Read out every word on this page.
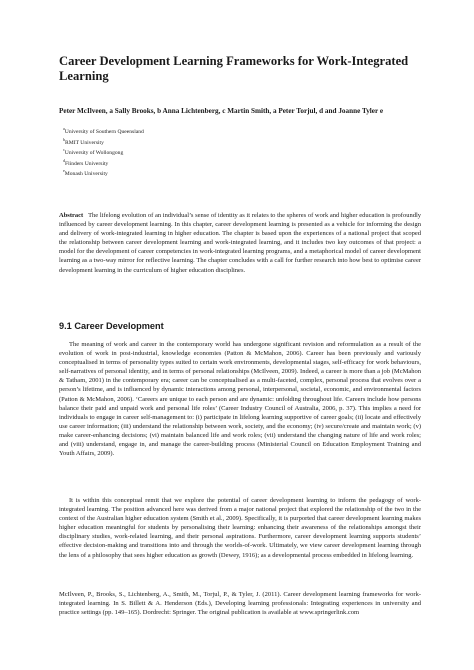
Career Development Learning Frameworks for Work-Integrated Learning
Peter McIlveen, a Sally Brooks, b Anna Lichtenberg, c Martin Smith, a Peter Torjul, d and Joanne Tyler e
$^a$University of Southern Queensland
$^b$RMIT University
$^c$University of Wollongong
$^d$Flinders University
$^e$Monash University

Abstract The lifelong evolution of an individual’s sense of identity as it relates to the spheres of work and higher education is profoundly influenced by career development learning. In this chapter, career development learning is presented as a vehicle for informing the design and delivery of work-integrated learning in higher education. The chapter is based upon the experiences of a national project that scoped the relationship between career development learning and work-integrated learning, and it includes two key outcomes of that project: a model for the development of career competencies in work-integrated learning programs, and a metaphorical model of career development learning as a two-way mirror for reflective learning. The chapter concludes with a call for further research into how best to optimise career development learning in the curriculum of higher education disciplines.

9.1 Career Development

The meaning of work and career in the contemporary world has undergone significant revision and reformulation as a result of the evolution of work in post-industrial, knowledge economies (Patton & McMahon, 2006). Career has been previously and variously conceptualised in terms of personality types suited to certain work environments, developmental stages, self-efficacy for work behaviours, self-narratives of personal identity, and in terms of personal relationships (McIlveen, 2009). Indeed, a career is more than a job (McMahon & Tatham, 2001) in the contemporary era; career can be conceptualised as a multi-faceted, complex, personal process that evolves over a person’s lifetime, and is influenced by dynamic interactions among personal, interpersonal, societal, economic, and environmental factors (Patton & McMahon, 2006). ‘Careers are unique to each person and are dynamic: unfolding throughout life. Careers include how persons balance their paid and unpaid work and personal life roles’ (Career Industry Council of Australia, 2006, p. 37). This implies a need for individuals to engage in career self-management to: (i) participate in lifelong learning supportive of career goals; (ii) locate and effectively use career information; (iii) understand the relationship between work, society, and the economy; (iv) secure/create and maintain work; (v) make career-enhancing decisions; (vi) maintain balanced life and work roles; (vii) understand the changing nature of life and work roles; and (viii) understand, engage in, and manage the career-building process (Ministerial Council on Education Employment Training and Youth Affairs, 2009).

It is within this conceptual remit that we explore the potential of career development learning to inform the pedagogy of work-integrated learning. The position advanced here was derived from a major national project that explored the relationship of the two in the context of the Australian higher education system (Smith et al., 2009). Specifically, it is purported that career development learning makes higher education meaningful for students by personalising their learning: enhancing their awareness of the relationships amongst their disciplinary studies, work-related learning, and their personal aspirations. Furthermore, career development learning supports students’ effective decision-making and transitions into and through the worlds-of-work. Ultimately, we view career development learning through the lens of a philosophy that sees higher education as growth (Dewey, 1916); as a developmental process embedded in lifelong learning.

McIlveen, P., Brooks, S., Lichtenberg, A., Smith, M., Torjul, P., & Tyler, J. (2011). Career development learning frameworks for work-integrated learning. In S. Billett & A. Henderson (Eds.), Developing learning professionals: Integrating experiences in university and practice settings (pp. 149–165). Dordrecht: Springer. The original publication is available at www.springerlink.com
